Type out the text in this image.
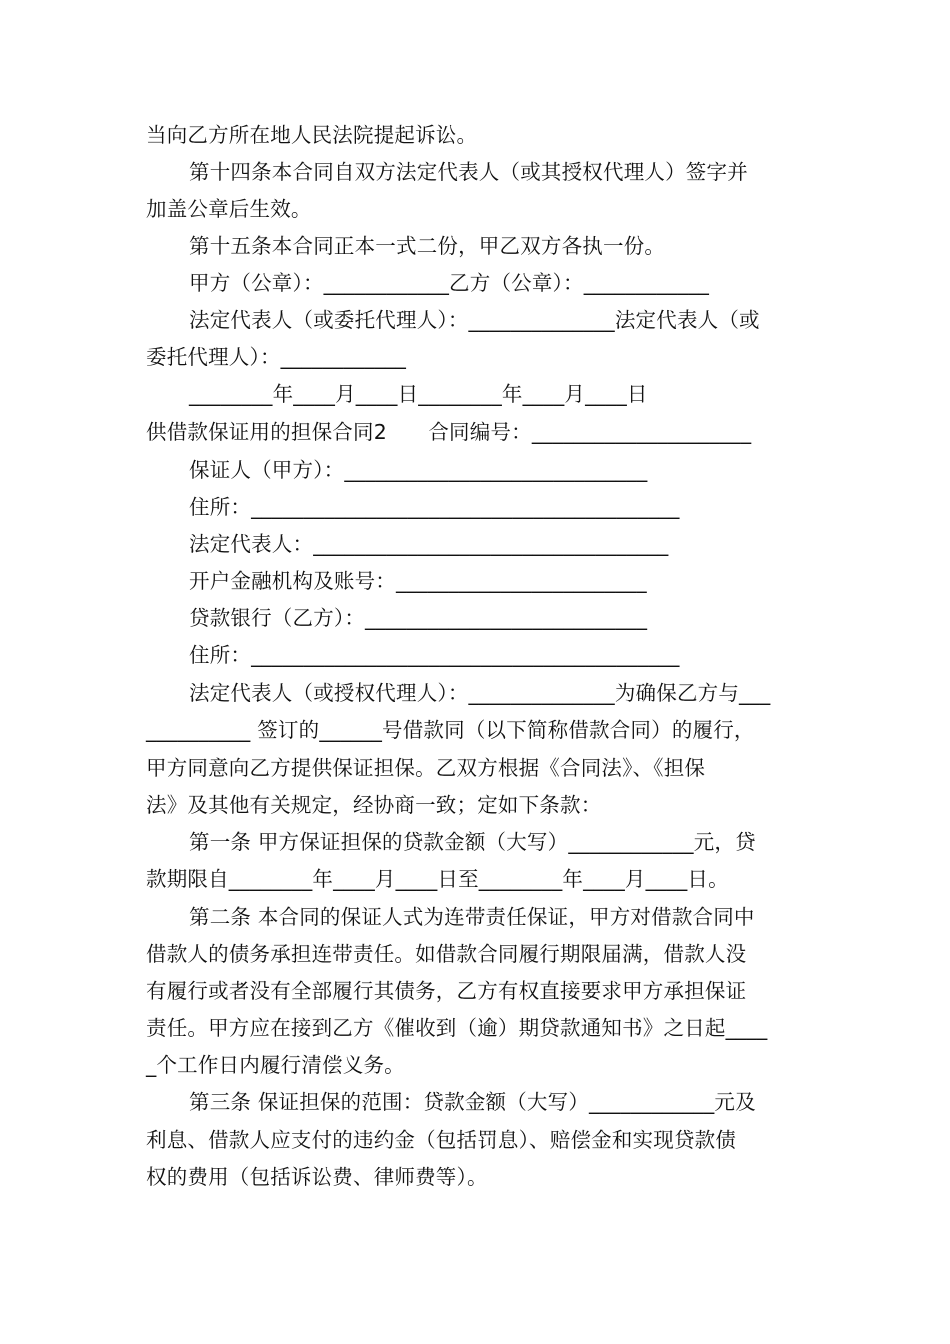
当向乙方所在地人民法院提起诉讼。
第十四条本合同自双方法定代表人（或其授权代理人）签字并
加盖公章后生效。
第十五条本合同正本一式二份，甲乙双方各执一份。
甲方（公章）：____________乙方（公章）：____________
法定代表人（或委托代理人）：______________法定代表人（或
委托代理人）：____________
________年____月____日________年____月____日
供借款保证用的担保合同2　　合同编号：_____________________
保证人（甲方）：_____________________________
住所：_________________________________________
法定代表人：__________________________________
开户金融机构及账号：________________________
贷款银行（乙方）：___________________________
住所：_________________________________________
法定代表人（或授权代理人）：______________为确保乙方与___
__________ 签订的______号借款同（以下简称借款合同）的履行，
甲方同意向乙方提供保证担保。乙双方根据《合同法》、《担保
法》及其他有关规定，经协商一致；定如下条款：
第一条 甲方保证担保的贷款金额（大写）____________元，贷
款期限自________年____月____日至________年____月____日。
第二条 本合同的保证人式为连带责任保证，甲方对借款合同中
借款人的债务承担连带责任。如借款合同履行期限届满，借款人没
有履行或者没有全部履行其债务，乙方有权直接要求甲方承担保证
责任。甲方应在接到乙方《催收到（逾）期贷款通知书》之日起____
_个工作日内履行清偿义务。
第三条 保证担保的范围：贷款金额（大写）____________元及
利息、借款人应支付的违约金（包括罚息）、赔偿金和实现贷款债
权的费用（包括诉讼费、律师费等）。
